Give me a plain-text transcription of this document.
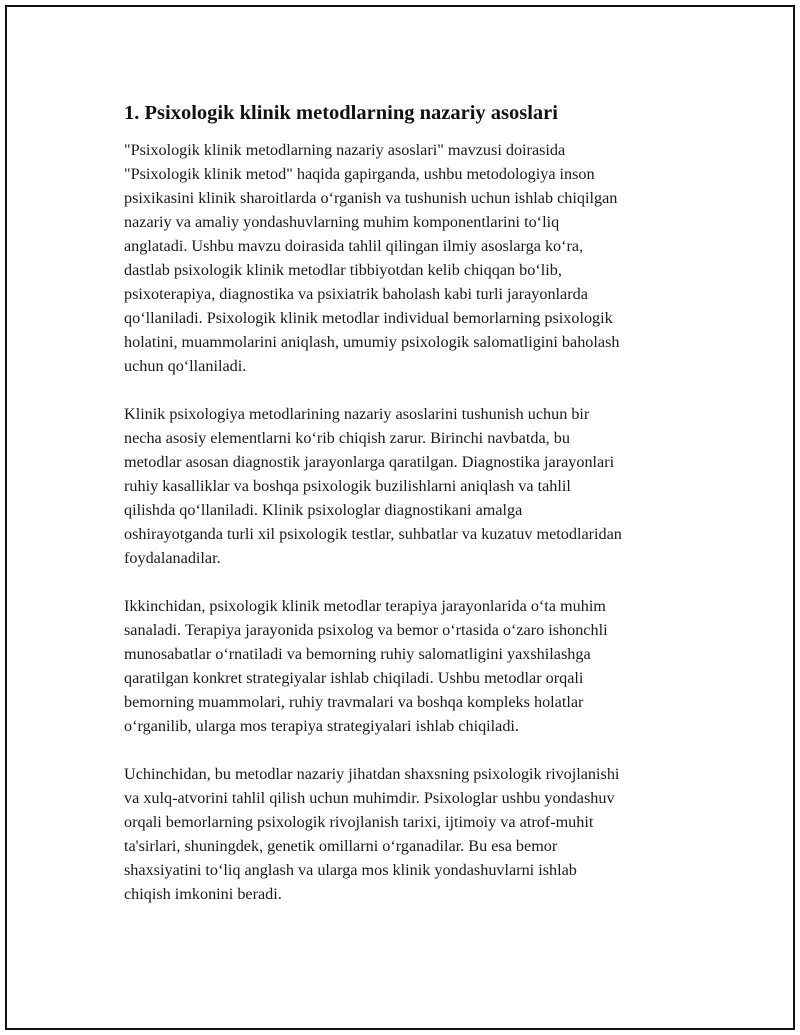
1. Psixologik klinik metodlarning nazariy asoslari
"Psixologik klinik metodlarning nazariy asoslari" mavzusi doirasida
"Psixologik klinik metod" haqida gapirganda, ushbu metodologiya inson
psixikasini klinik sharoitlarda o‘rganish va tushunish uchun ishlab chiqilgan
nazariy va amaliy yondashuvlarning muhim komponentlarini to‘liq
anglatadi. Ushbu mavzu doirasida tahlil qilingan ilmiy asoslarga ko‘ra,
dastlab psixologik klinik metodlar tibbiyotdan kelib chiqqan bo‘lib,
psixoterapiya, diagnostika va psixiatrik baholash kabi turli jarayonlarda
qo‘llaniladi. Psixologik klinik metodlar individual bemorlarning psixologik
holatini, muammolarini aniqlash, umumiy psixologik salomatligini baholash
uchun qo‘llaniladi.
Klinik psixologiya metodlarining nazariy asoslarini tushunish uchun bir
necha asosiy elementlarni ko‘rib chiqish zarur. Birinchi navbatda, bu
metodlar asosan diagnostik jarayonlarga qaratilgan. Diagnostika jarayonlari
ruhiy kasalliklar va boshqa psixologik buzilishlarni aniqlash va tahlil
qilishda qo‘llaniladi. Klinik psixologlar diagnostikani amalga
oshirayotganda turli xil psixologik testlar, suhbatlar va kuzatuv metodlaridan
foydalanadilar.
Ikkinchidan, psixologik klinik metodlar terapiya jarayonlarida o‘ta muhim
sanaladi. Terapiya jarayonida psixolog va bemor o‘rtasida o‘zaro ishonchli
munosabatlar o‘rnatiladi va bemorning ruhiy salomatligini yaxshilashga
qaratilgan konkret strategiyalar ishlab chiqiladi. Ushbu metodlar orqali
bemorning muammolari, ruhiy travmalari va boshqa kompleks holatlar
o‘rganilib, ularga mos terapiya strategiyalari ishlab chiqiladi.
Uchinchidan, bu metodlar nazariy jihatdan shaxsning psixologik rivojlanishi
va xulq-atvorini tahlil qilish uchun muhimdir. Psixologlar ushbu yondashuv
orqali bemorlarning psixologik rivojlanish tarixi, ijtimoiy va atrof-muhit
ta'sirlari, shuningdek, genetik omillarni o‘rganadilar. Bu esa bemor
shaxsiyatini to‘liq anglash va ularga mos klinik yondashuvlarni ishlab
chiqish imkonini beradi.
